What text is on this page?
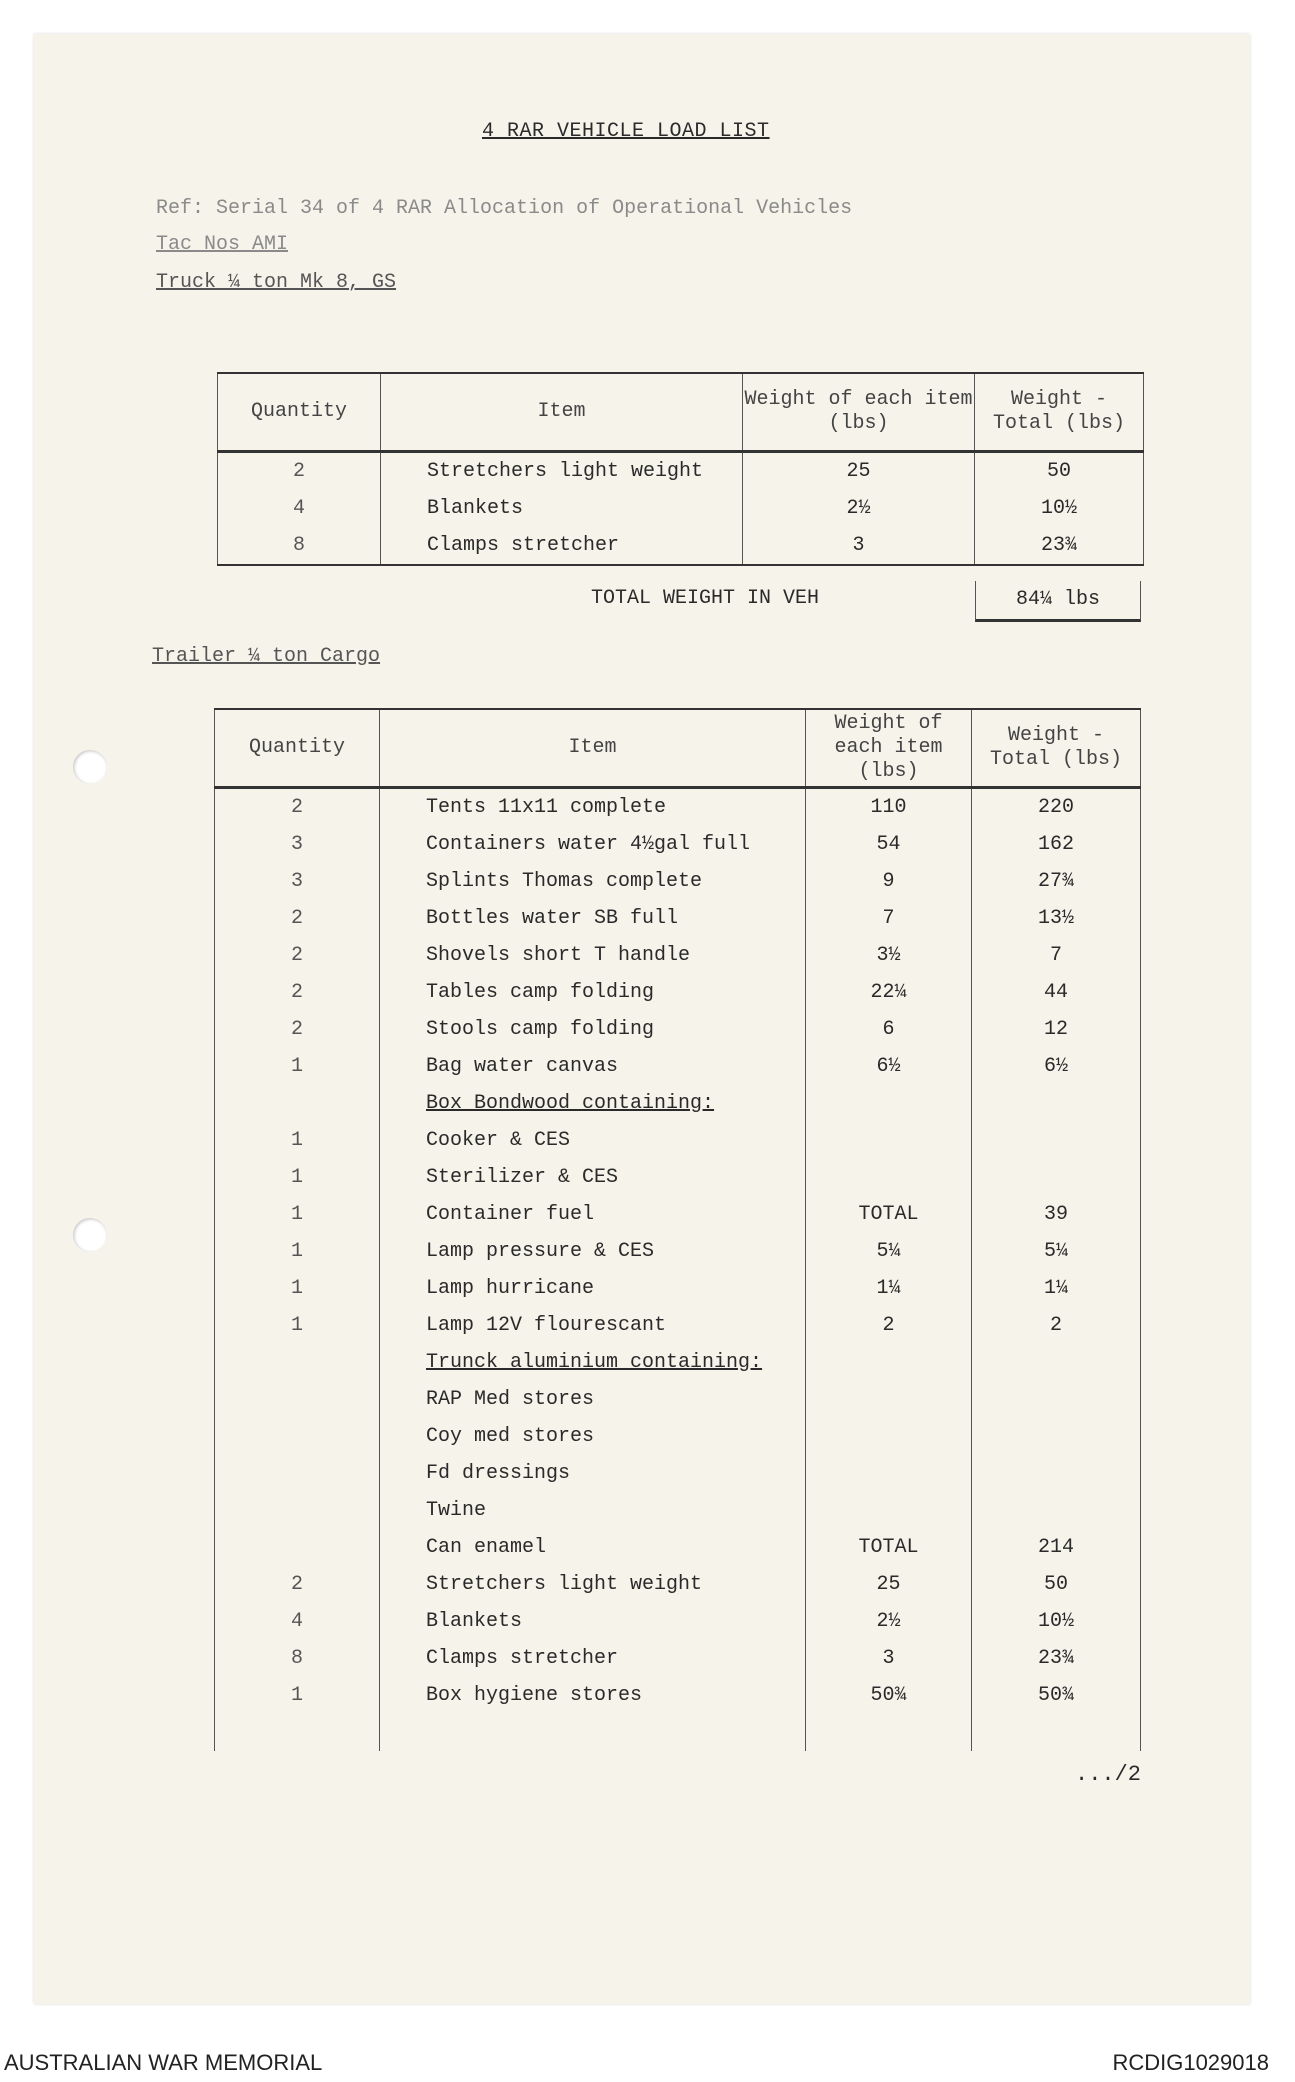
4 RAR VEHICLE LOAD LIST
Ref: Serial 34 of 4 RAR Allocation of Operational Vehicles
Tac Nos AMI
Truck ¼ ton Mk 8, GS
Quantity	Item	Weight of each item (lbs)	Weight - Total (lbs)
2	Stretchers light weight	25	50
4	Blankets	2½	10½
8	Clamps stretcher	3	23¾
TOTAL WEIGHT IN VEH	84¼ lbs
Trailer ¼ ton Cargo
Quantity	Item	Weight of each item (lbs)	Weight - Total (lbs)
2	Tents 11x11 complete	110	220
3	Containers water 4½gal full	54	162
3	Splints Thomas complete	9	27¾
2	Bottles water SB full	7	13½
2	Shovels short T handle	3½	7
2	Tables camp folding	22¼	44
2	Stools camp folding	6	12
1	Bag water canvas	6½	6½
	Box Bondwood containing:		
1	Cooker & CES		
1	Sterilizer & CES		
1	Container fuel	TOTAL	39
1	Lamp pressure & CES	5¼	5¼
1	Lamp hurricane	1¼	1¼
1	Lamp 12V flourescant	2	2
	Trunck aluminium containing:		
	RAP Med stores		
	Coy med stores		
	Fd dressings		
	Twine		
	Can enamel	TOTAL	214
2	Stretchers light weight	25	50
4	Blankets	2½	10½
8	Clamps stretcher	3	23¾
1	Box hygiene stores	50¾	50¾

.../2
AUSTRALIAN WAR MEMORIAL	RCDIG1029018
